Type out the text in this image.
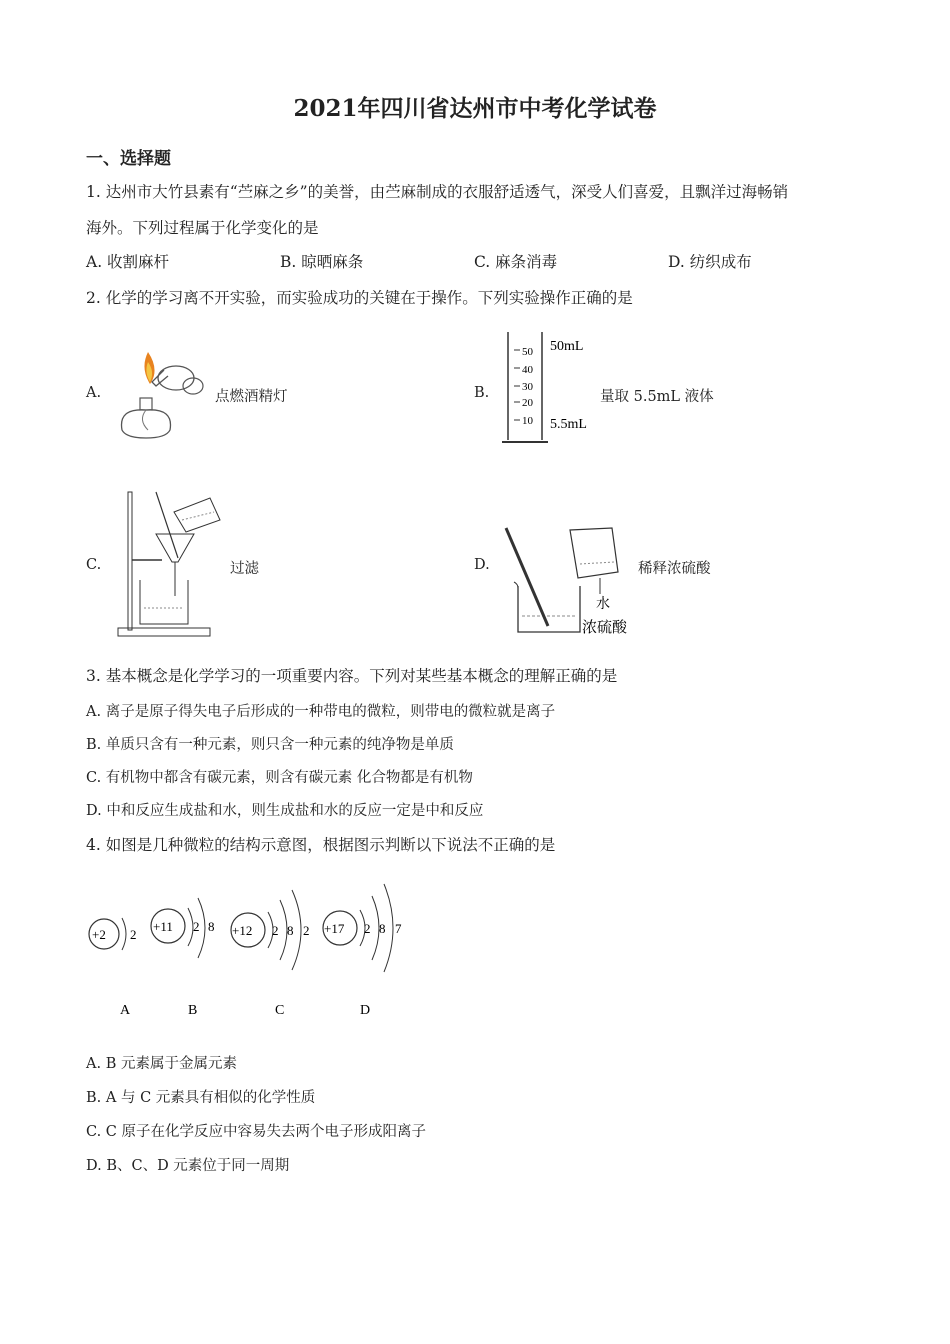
2021年四川省达州市中考化学试卷
一、选择题
1. 达州市大竹县素有“苎麻之乡”的美誉，由苎麻制成的衣服舒适透气，深受人们喜爱，且飘洋过海畅销
海外。下列过程属于化学变化的是
A. 收割麻杆	B. 晾晒麻条	C. 麻条消毒	D. 纺织成布
2. 化学的学习离不开实验，而实验成功的关键在于操作。下列实验操作正确的是
A.	点燃酒精灯	B.
50
40
30
20
10
50mL
5.5mL
量取 5.5mL 液体
C.	过滤	D.
水
浓硫酸
稀释浓硫酸
3. 基本概念是化学学习的一项重要内容。下列对某些基本概念的理解正确的是
A. 离子是原子得失电子后形成的一种带电的微粒，则带电的微粒就是离子
B. 单质只含有一种元素，则只含一种元素的纯净物是单质
C. 有机物中都含有碳元素，则含有碳元素 化合物都是有机物
D. 中和反应生成盐和水，则生成盐和水的反应一定是中和反应
4. 如图是几种微粒的结构示意图，根据图示判断以下说法不正确的是
+2 2
A
+11 2 8
B
+12 2 8 2
C
+17 2 8 7
D
A. B 元素属于金属元素
B. A 与 C 元素具有相似的化学性质
C. C 原子在化学反应中容易失去两个电子形成阳离子
D. B、C、D 元素位于同一周期
